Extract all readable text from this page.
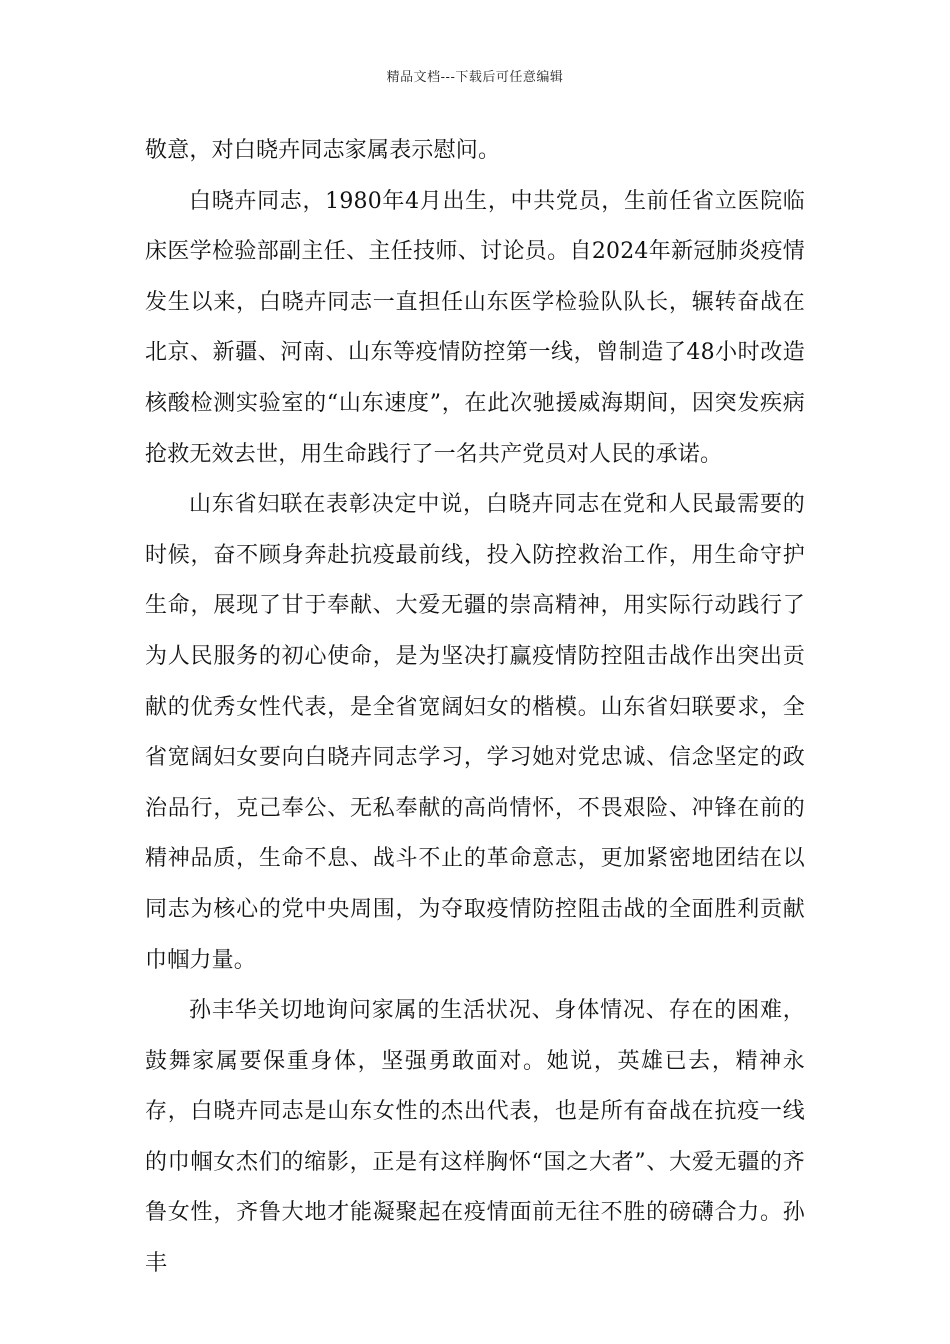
精品文档---下载后可任意编辑

敬意，对白晓卉同志家属表示慰问。

白晓卉同志，1980年4月出生，中共党员，生前任省立医院临床医学检验部副主任、主任技师、讨论员。自2024年新冠肺炎疫情发生以来，白晓卉同志一直担任山东医学检验队队长，辗转奋战在北京、新疆、河南、山东等疫情防控第一线，曾制造了48小时改造核酸检测实验室的“山东速度”，在此次驰援威海期间，因突发疾病抢救无效去世，用生命践行了一名共产党员对人民的承诺。

山东省妇联在表彰决定中说，白晓卉同志在党和人民最需要的时候，奋不顾身奔赴抗疫最前线，投入防控救治工作，用生命守护生命，展现了甘于奉献、大爱无疆的崇高精神，用实际行动践行了为人民服务的初心使命，是为坚决打赢疫情防控阻击战作出突出贡献的优秀女性代表，是全省宽阔妇女的楷模。山东省妇联要求，全省宽阔妇女要向白晓卉同志学习，学习她对党忠诚、信念坚定的政治品行，克己奉公、无私奉献的高尚情怀，不畏艰险、冲锋在前的精神品质，生命不息、战斗不止的革命意志，更加紧密地团结在以同志为核心的党中央周围，为夺取疫情防控阻击战的全面胜利贡献巾帼力量。

孙丰华关切地询问家属的生活状况、身体情况、存在的困难，鼓舞家属要保重身体，坚强勇敢面对。她说，英雄已去，精神永存，白晓卉同志是山东女性的杰出代表，也是所有奋战在抗疫一线的巾帼女杰们的缩影，正是有这样胸怀“国之大者”、大爱无疆的齐鲁女性，齐鲁大地才能凝聚起在疫情面前无往不胜的磅礴合力。孙丰
